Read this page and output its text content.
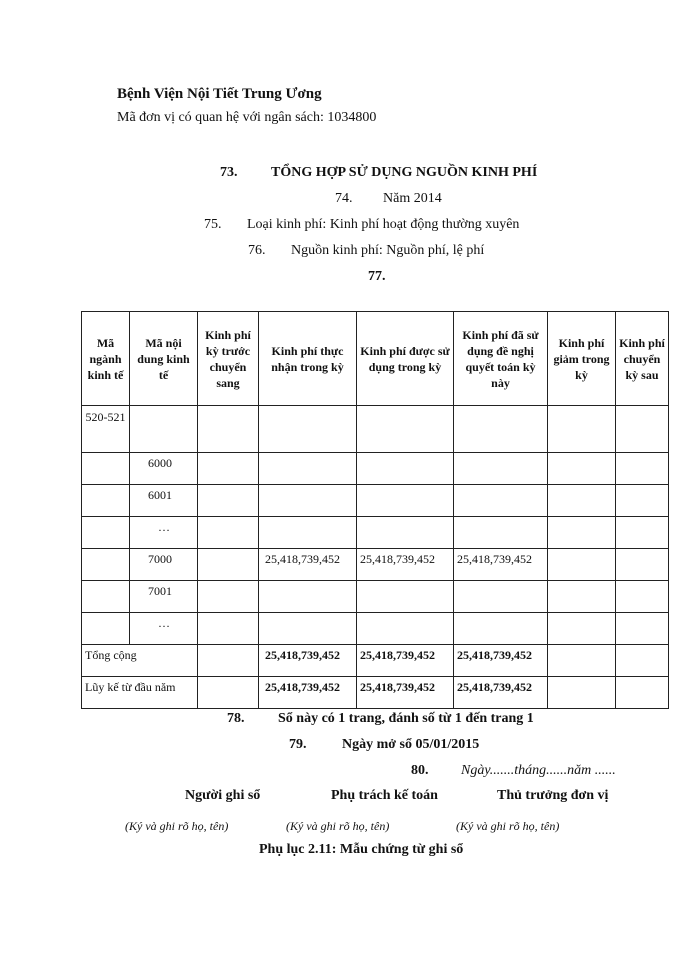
Bệnh Viện Nội Tiết Trung Ương
Mã đơn vị có quan hệ với ngân sách: 1034800
73. TỔNG HỢP SỬ DỤNG NGUỒN KINH PHÍ
74. Năm 2014
75. Loại kinh phí: Kinh phí hoạt động thường xuyên
76. Nguồn kinh phí: Nguồn phí, lệ phí
77.
Mã ngành kinh tế	Mã nội dung kinh tế	Kinh phí kỳ trước chuyển sang	Kinh phí thực nhận trong kỳ	Kinh phí được sử dụng trong kỳ	Kinh phí đã sử dụng đề nghị quyết toán kỳ này	Kinh phí giảm trong kỳ	Kinh phí chuyển kỳ sau
520-521							
	6000						
	6001						
	…						
	7000		25,418,739,452	25,418,739,452	25,418,739,452		
	7001						
	…						
Tổng cộng			25,418,739,452	25,418,739,452	25,418,739,452		
Lũy kế từ đầu năm			25,418,739,452	25,418,739,452	25,418,739,452		
78. Sổ này có 1 trang, đánh số từ 1 đến trang 1
79.	Ngày mở sổ 05/01/2015
80. Ngày.......tháng......năm ......
Người ghi sổ	Phụ trách kế toán	Thủ trưởng đơn vị
(Ký và ghi rõ họ, tên)	(Ký và ghi rõ họ, tên)	(Ký và ghi rõ họ, tên)
Phụ lục 2.11: Mẫu chứng từ ghi sổ
